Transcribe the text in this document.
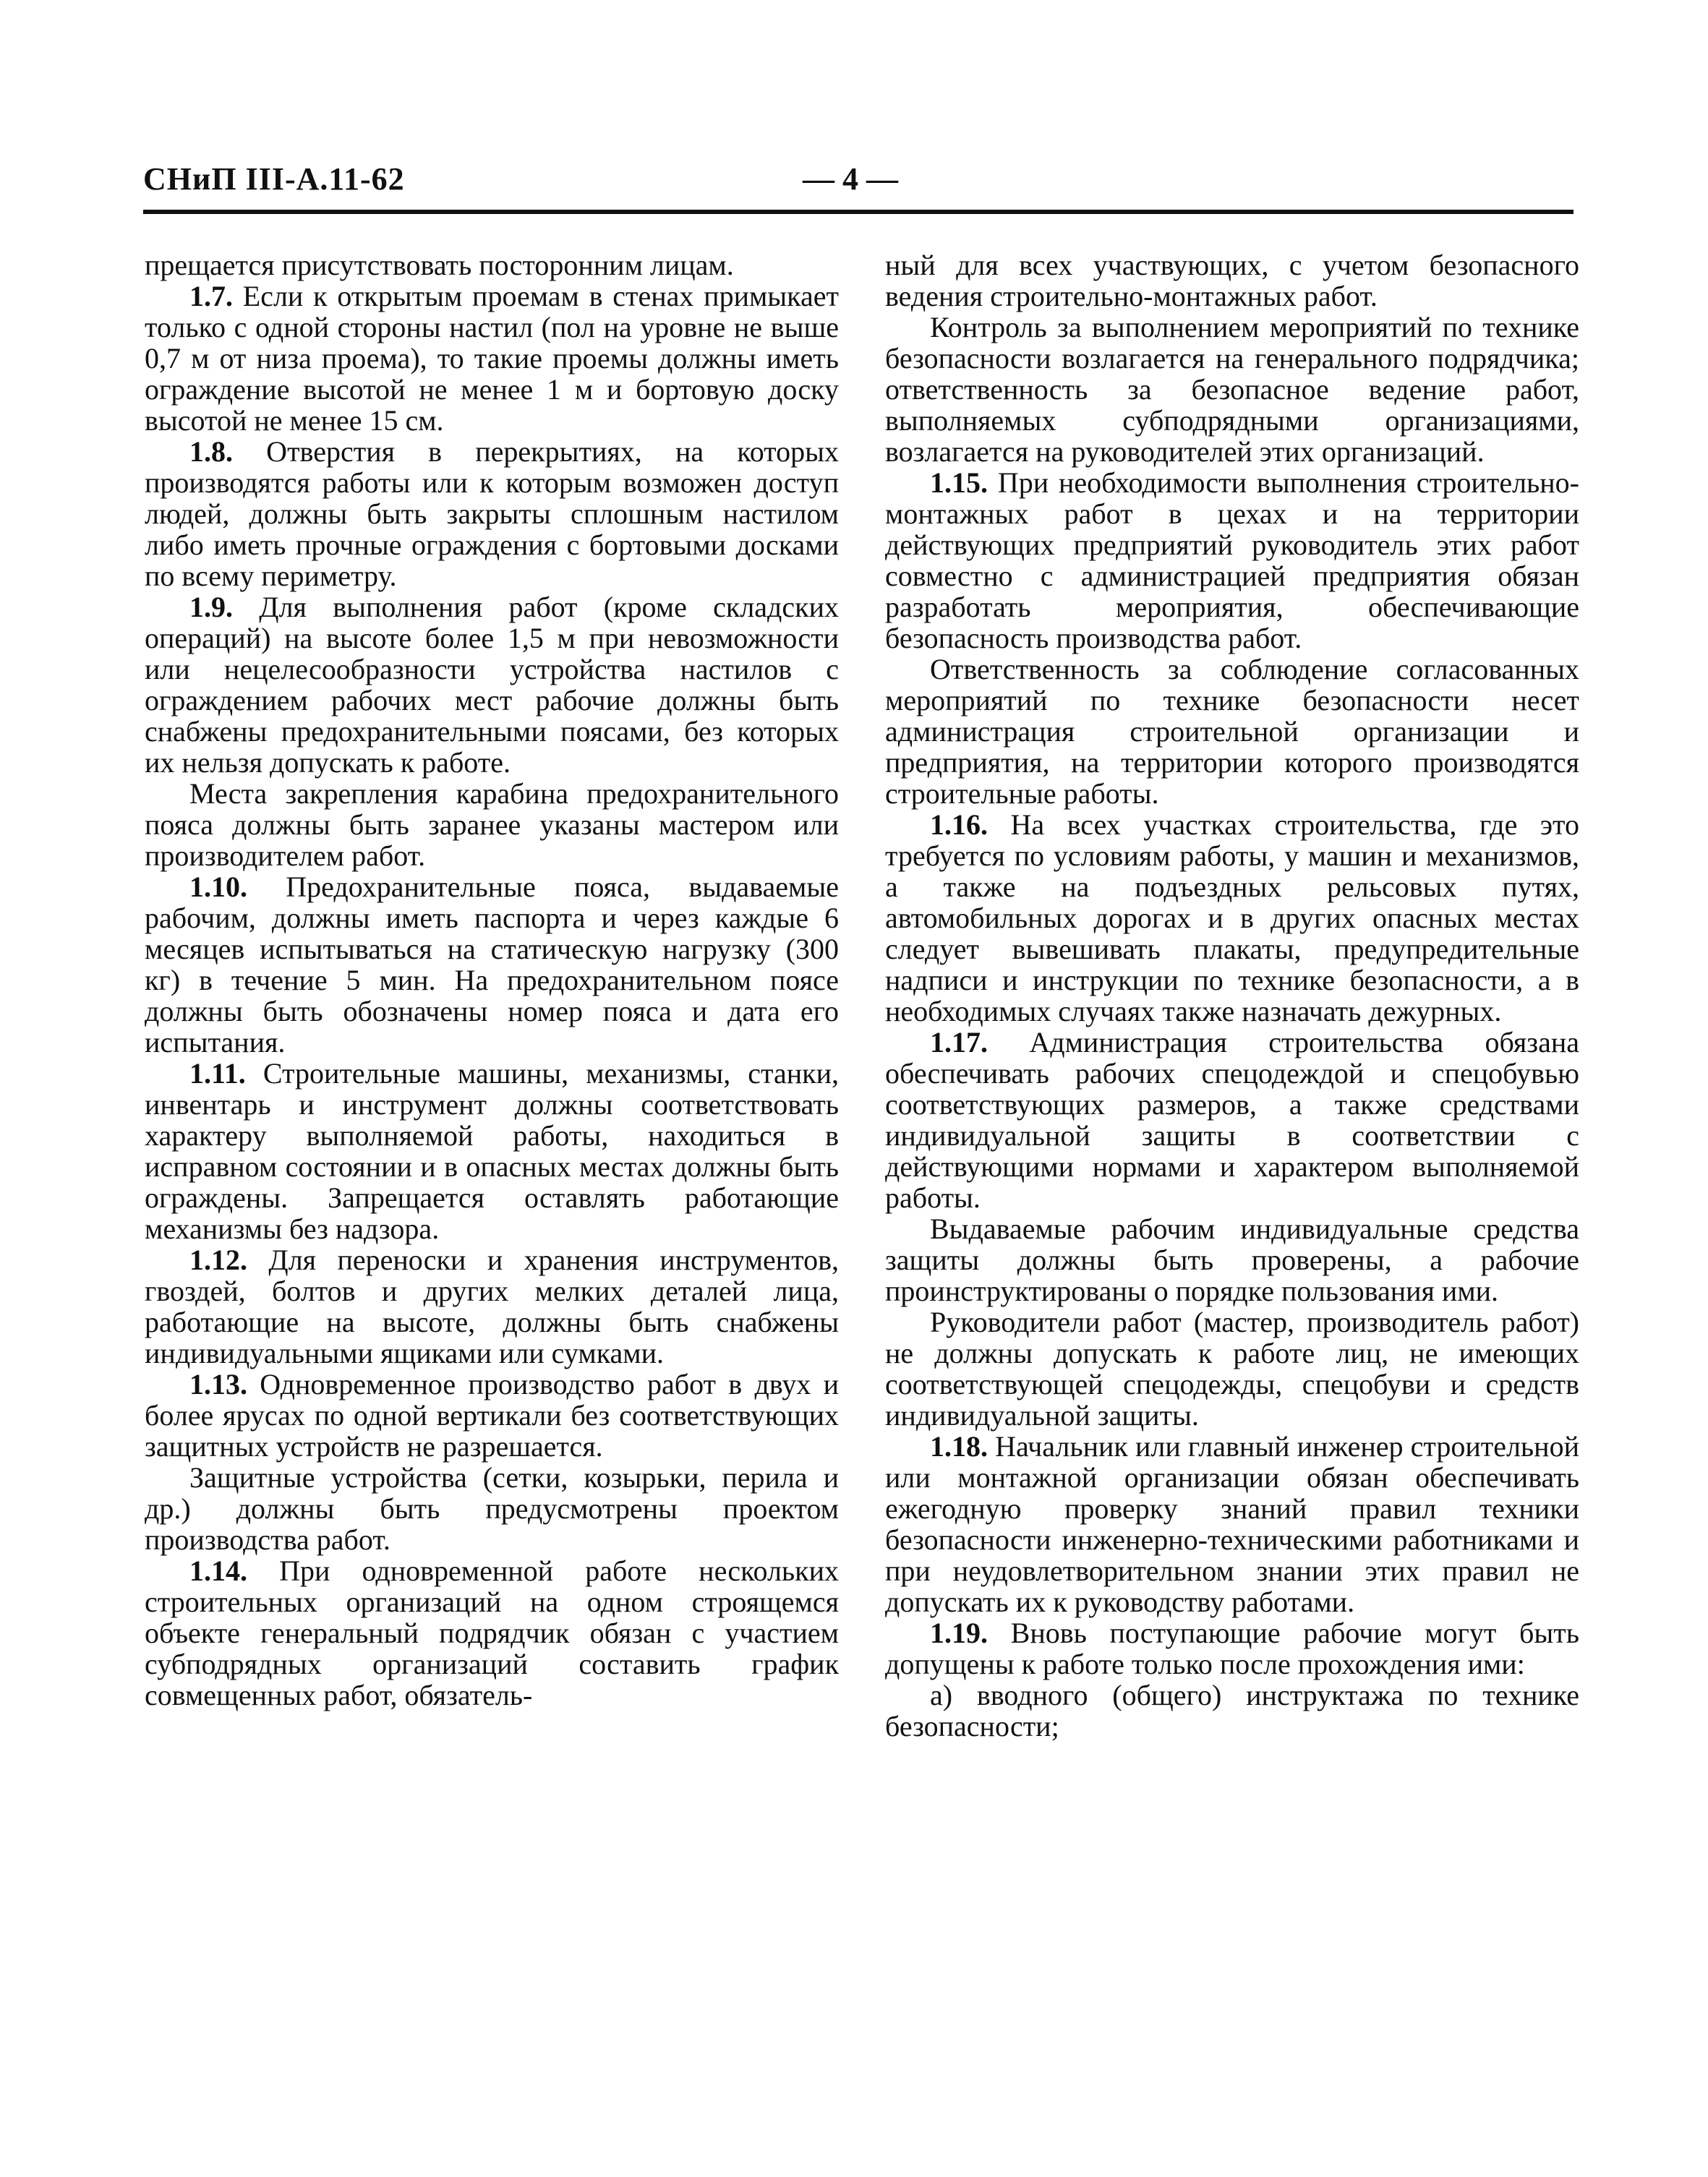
СНиП III-А.11-62	— 4 —

прещается присутствовать посторонним лицам.

1.7. Если к открытым проемам в стенах примыкает только с одной стороны настил (пол на уровне не выше 0,7 м от низа проема), то такие проемы должны иметь ограждение высотой не менее 1 м и бортовую доску высотой не менее 15 см.

1.8. Отверстия в перекрытиях, на которых производятся работы или к которым возможен доступ людей, должны быть закрыты сплошным настилом либо иметь прочные ограждения с бортовыми досками по всему периметру.

1.9. Для выполнения работ (кроме складских операций) на высоте более 1,5 м при невозможности или нецелесообразности устройства настилов с ограждением рабочих мест рабочие должны быть снабжены предохранительными поясами, без которых их нельзя допускать к работе.

Места закрепления карабина предохранительного пояса должны быть заранее указаны мастером или производителем работ.

1.10. Предохранительные пояса, выдаваемые рабочим, должны иметь паспорта и через каждые 6 месяцев испытываться на статическую нагрузку (300 кг) в течение 5 мин. На предохранительном поясе должны быть обозначены номер пояса и дата его испытания.

1.11. Строительные машины, механизмы, станки, инвентарь и инструмент должны соответствовать характеру выполняемой работы, находиться в исправном состоянии и в опасных местах должны быть ограждены. Запрещается оставлять работающие механизмы без надзора.

1.12. Для переноски и хранения инструментов, гвоздей, болтов и других мелких деталей лица, работающие на высоте, должны быть снабжены индивидуальными ящиками или сумками.

1.13. Одновременное производство работ в двух и более ярусах по одной вертикали без соответствующих защитных устройств не разрешается.

Защитные устройства (сетки, козырьки, перила и др.) должны быть предусмотрены проектом производства работ.

1.14. При одновременной работе нескольких строительных организаций на одном строящемся объекте генеральный подрядчик обязан с участием субподрядных организаций составить график совмещенных работ, обязатель-

ный для всех участвующих, с учетом безопасного ведения строительно-монтажных работ.

Контроль за выполнением мероприятий по технике безопасности возлагается на генерального подрядчика; ответственность за безопасное ведение работ, выполняемых субподрядными организациями, возлагается на руководителей этих организаций.

1.15. При необходимости выполнения строительно-монтажных работ в цехах и на территории действующих предприятий руководитель этих работ совместно с администрацией предприятия обязан разработать мероприятия, обеспечивающие безопасность производства работ.

Ответственность за соблюдение согласованных мероприятий по технике безопасности несет администрация строительной организации и предприятия, на территории которого производятся строительные работы.

1.16. На всех участках строительства, где это требуется по условиям работы, у машин и механизмов, а также на подъездных рельсовых путях, автомобильных дорогах и в других опасных местах следует вывешивать плакаты, предупредительные надписи и инструкции по технике безопасности, а в необходимых случаях также назначать дежурных.

1.17. Администрация строительства обязана обеспечивать рабочих спецодеждой и спецобувью соответствующих размеров, а также средствами индивидуальной защиты в соответствии с действующими нормами и характером выполняемой работы.

Выдаваемые рабочим индивидуальные средства защиты должны быть проверены, а рабочие проинструктированы о порядке пользования ими.

Руководители работ (мастер, производитель работ) не должны допускать к работе лиц, не имеющих соответствующей спецодежды, спецобуви и средств индивидуальной защиты.

1.18. Начальник или главный инженер строительной или монтажной организации обязан обеспечивать ежегодную проверку знаний правил техники безопасности инженерно-техническими работниками и при неудовлетворительном знании этих правил не допускать их к руководству работами.

1.19. Вновь поступающие рабочие могут быть допущены к работе только после прохождения ими:

а) вводного (общего) инструктажа по технике безопасности;
